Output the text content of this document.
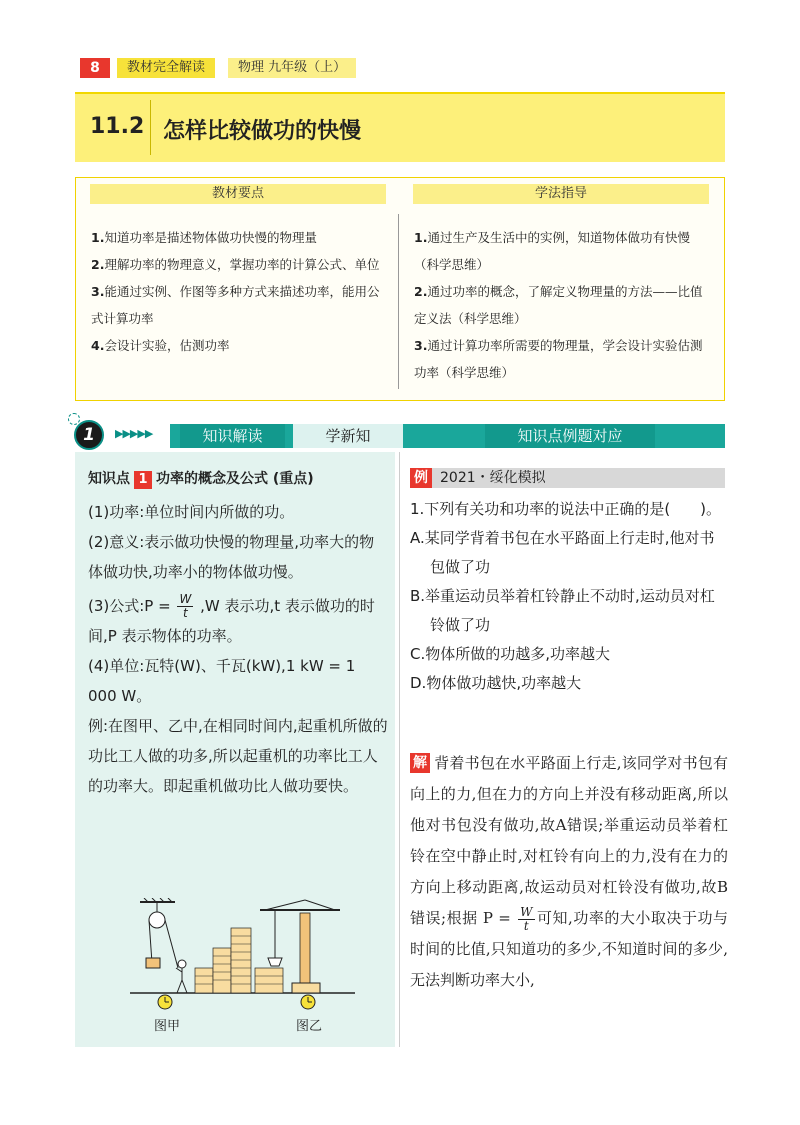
8	教材完全解读	物理 九年级（上）
11.2 怎样比较做功的快慢
教材要点	学法指导
1.知道功率是描述物体做功快慢的物理量
2.理解功率的物理意义，掌握功率的计算公式、单位
3.能通过实例、作图等多种方式来描述功率，能用公式计算功率
4.会设计实验，估测功率
1.通过生产及生活中的实例，知道物体做功有快慢（科学思维）
2.通过功率的概念，了解定义物理量的方法——比值定义法（科学思维）
3.通过计算功率所需要的物理量，学会设计实验估测功率（科学思维）
1	▶▶▶▶▶	知识解读	学新知	知识点例题对应
知识点 1 功率的概念及公式 (重点)

(1)功率:单位时间内所做的功。

(2)意义:表示做功快慢的物理量,功率大的物体做功快,功率小的物体做功慢。

(3)公式:P = $\frac{W}{t} ,W$ 表示功,t 表示做功的时间,P 表示物体的功率。

(4)单位:瓦特(W)、千瓦(kW),1 kW = 1 000 W。

例:在图甲、乙中,在相同时间内,起重机所做的功比工人做的功多,所以起重机的功率比工人的功率大。即起重机做功比人做功要快。

图甲	图乙
例 2021・绥化模拟
1.下列有关功和功率的说法中正确的是(　　)。
A.某同学背着书包在水平路面上行走时,他对书包做了功
B.举重运动员举着杠铃静止不动时,运动员对杠铃做了功
C.物体所做的功越多,功率越大
D.物体做功越快,功率越大
解 背着书包在水平路面上行走,该同学对书包有向上的力,但在力的方向上并没有移动距离,所以他对书包没有做功,故A错误;举重运动员举着杠铃在空中静止时,对杠铃有向上的力,没有在力的方向上移动距离,故运动员对杠铃没有做功,故B错误;根据 $P = \frac{W}{t}$ 可知,功率的大小取决于功与时间的比值,只知道功的多少,不知道时间的多少,无法判断功率大小,
